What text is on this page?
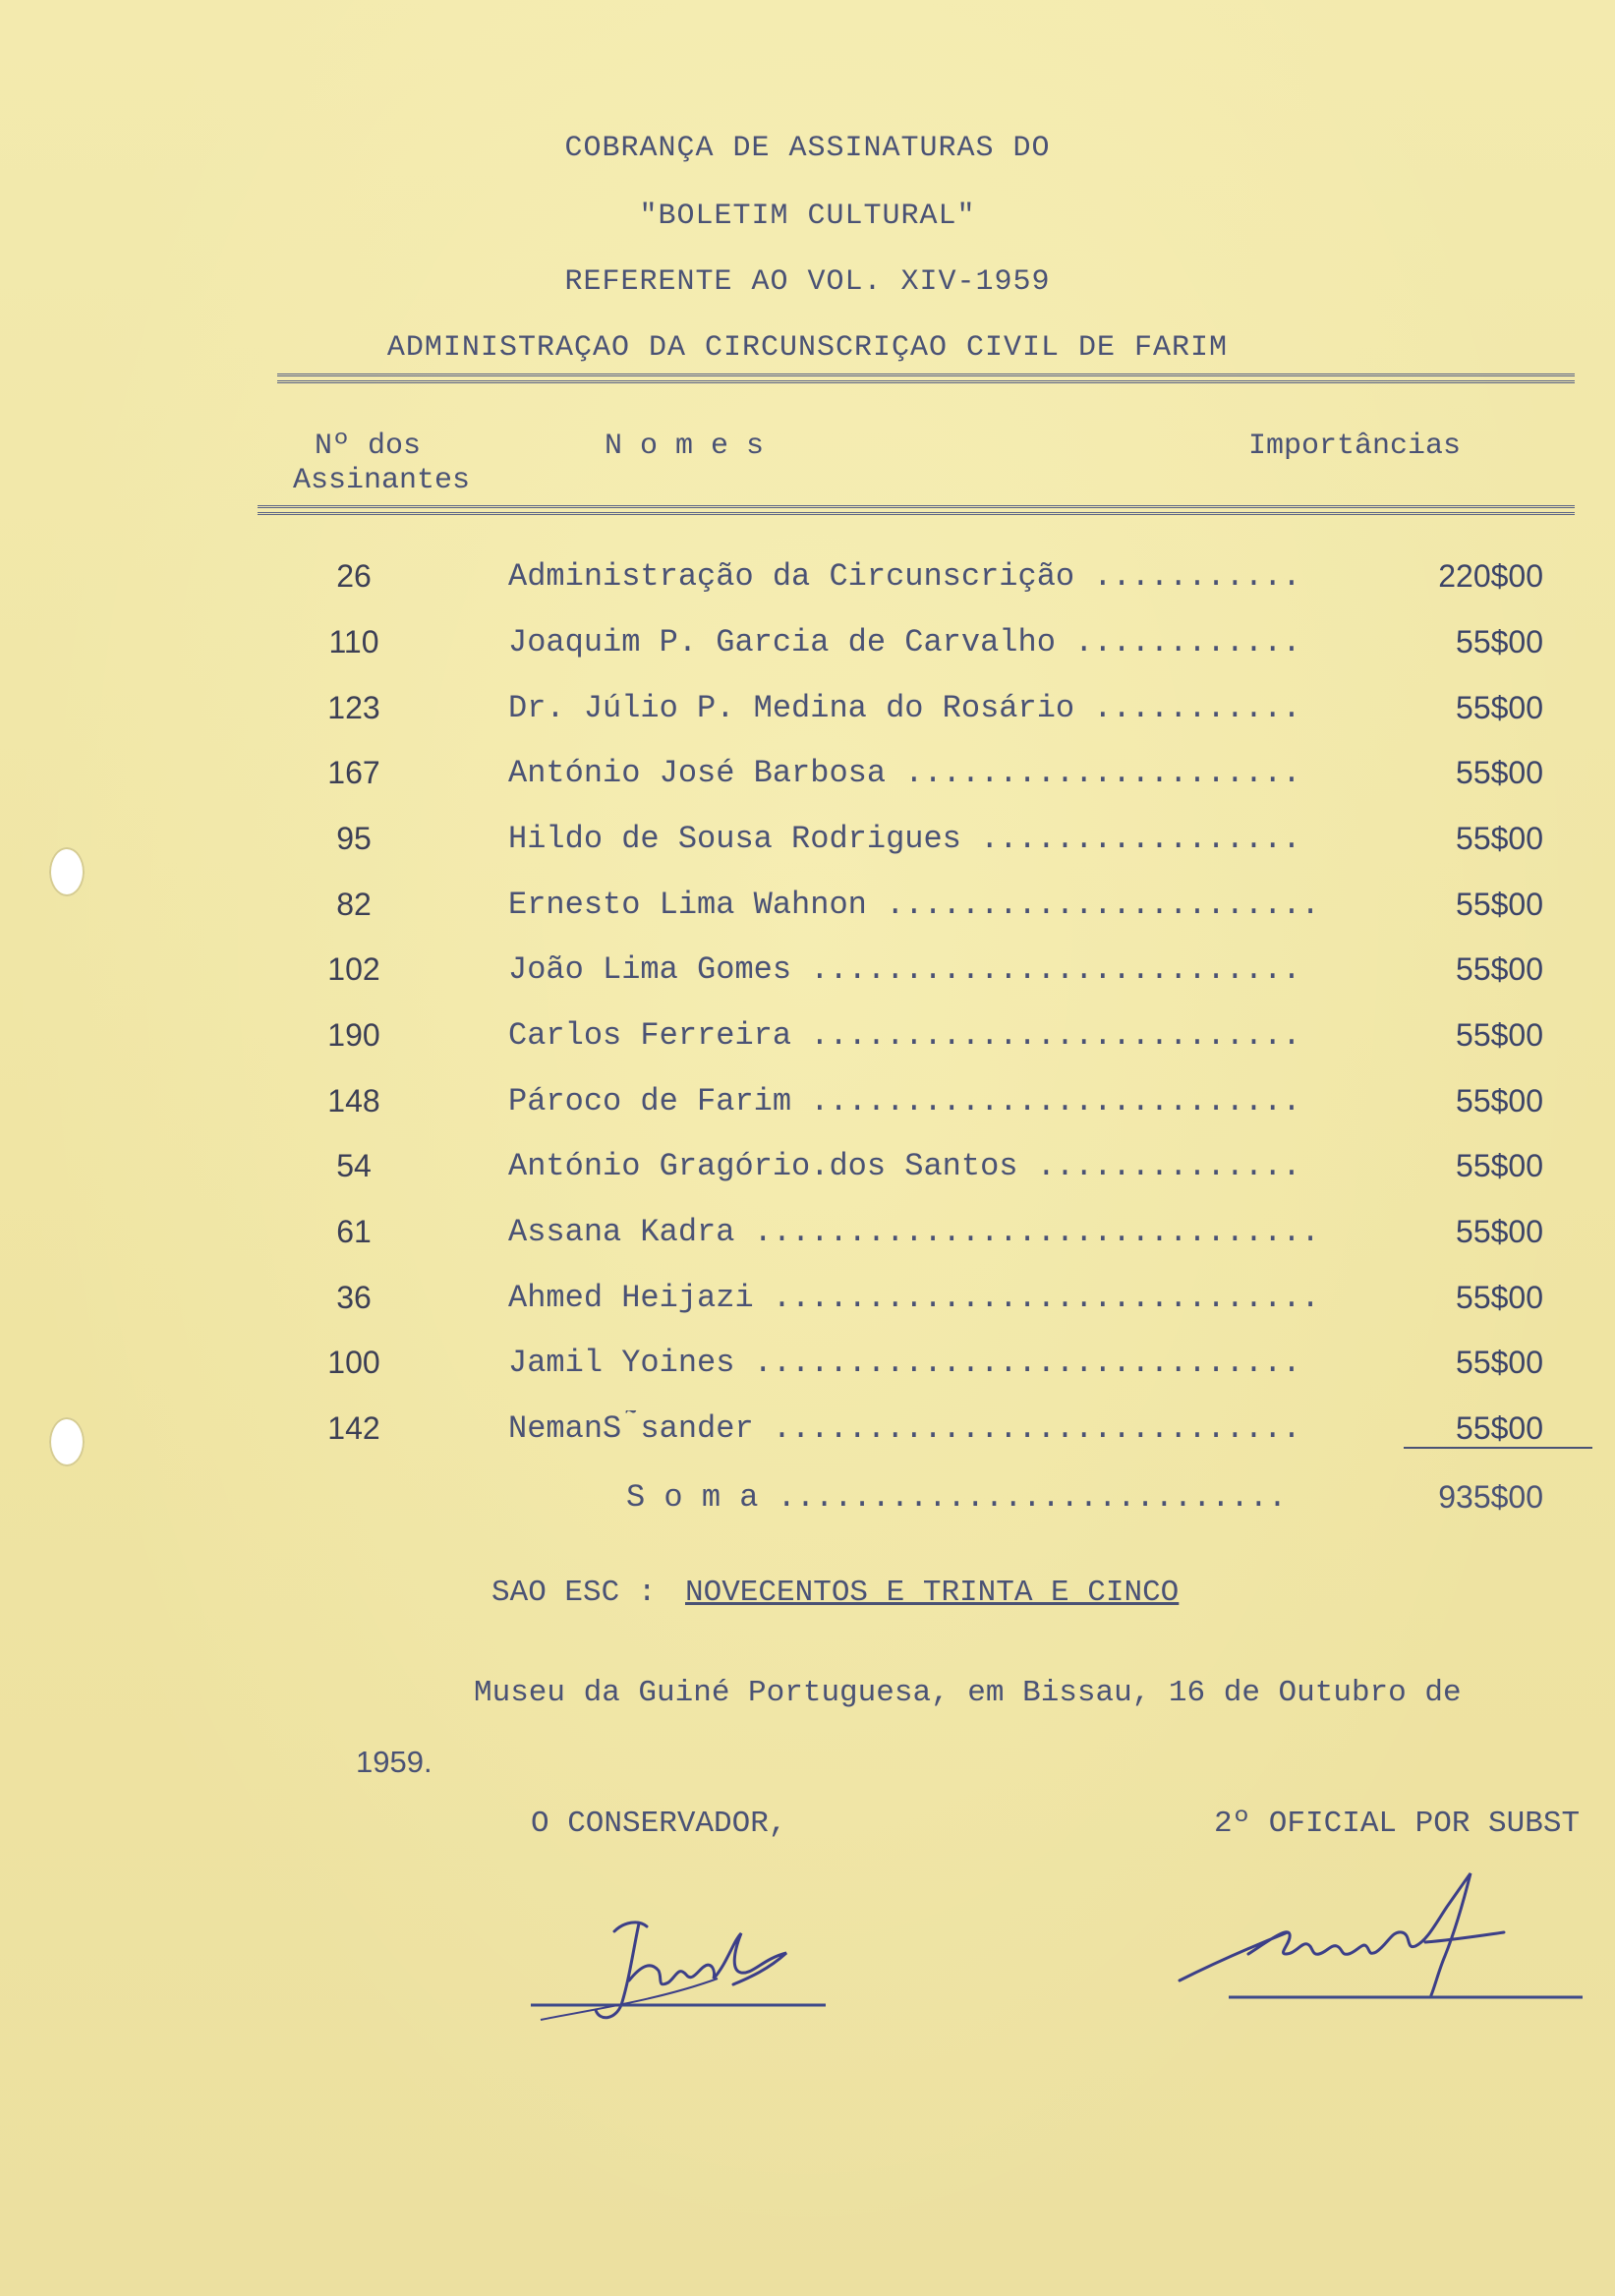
COBRANÇA DE ASSINATURAS DO
"BOLETIM CULTURAL"
REFERENTE AO VOL. XIV-1959
ADMINISTRAÇAO DA CIRCUNSCRIÇAO CIVIL DE FARIM
Nº dos
Assinantes
N o m e s	Importâncias
26	Administração da Circunscrição ...........	220$00
110	Joaquim P. Garcia de Carvalho ............	55$00
123	Dr. Júlio P. Medina do Rosário ...........	55$00
167	António José Barbosa .....................	55$00
95	Hildo de Sousa Rodrigues .................	55$00
82	Ernesto Lima Wahnon .......................	55$00
102	João Lima Gomes ..........................	55$00
190	Carlos Ferreira ..........................	55$00
148	Pároco de Farim ..........................	55$00
54	António Gragório.dos Santos ..............	55$00
61	Assana Kadra ..............................	55$00
36	Ahmed Heijazi .............................	55$00
100	Jamil Yoines .............................	55$00
142	NemanS ̃sander ............................	55$00
S o m a ...........................	935$00
SAO ESC : NOVECENTOS E TRINTA E CINCO
Museu da Guiné Portuguesa, em Bissau, 16 de Outubro de
1959.
O CONSERVADOR,	2º OFICIAL POR SUBST
